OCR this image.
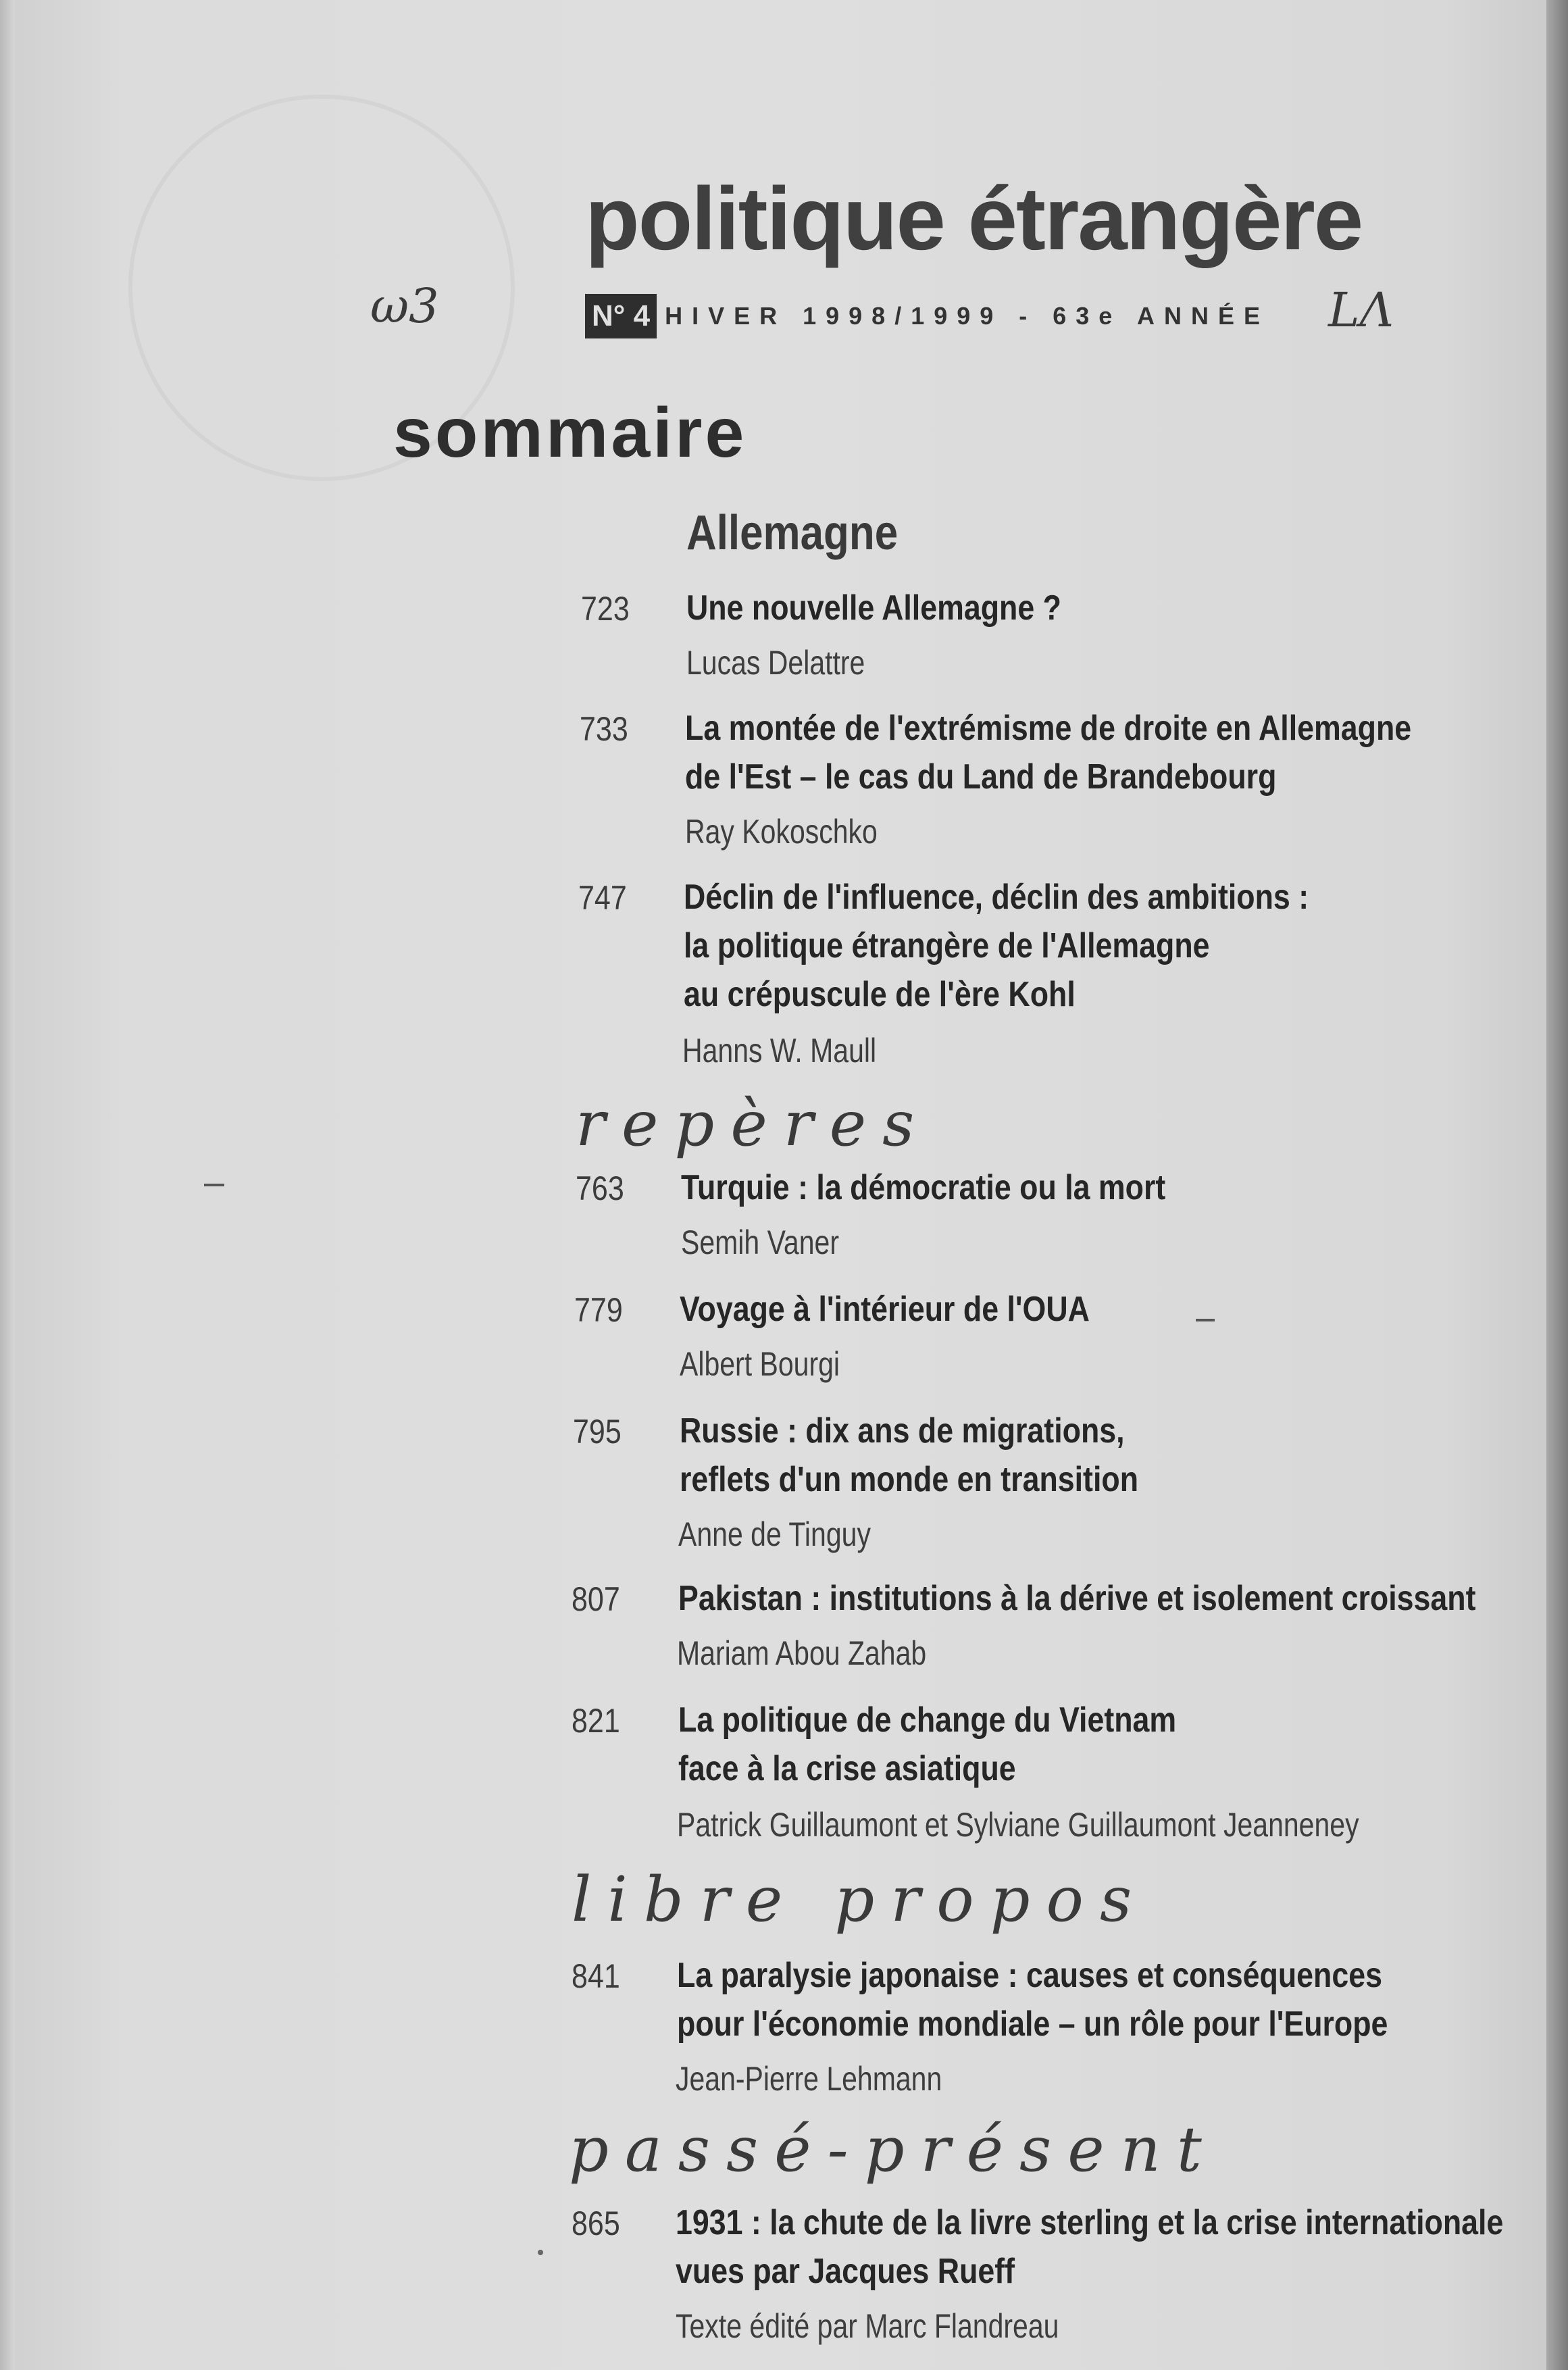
politique étrangère
N° 4 HIVER 1998/1999 - 63e ANNÉE
ω3	LΛ
sommaire
Allemagne
723 Une nouvelle Allemagne ?
Lucas Delattre
733 La montée de l'extrémisme de droite en Allemagne
de l'Est – le cas du Land de Brandebourg
Ray Kokoschko
747 Déclin de l'influence, déclin des ambitions :
la politique étrangère de l'Allemagne
au crépuscule de l'ère Kohl
Hanns W. Maull
repères
763 Turquie : la démocratie ou la mort
Semih Vaner
779 Voyage à l'intérieur de l'OUA
Albert Bourgi
795 Russie : dix ans de migrations,
reflets d'un monde en transition
Anne de Tinguy
807 Pakistan : institutions à la dérive et isolement croissant
Mariam Abou Zahab
821 La politique de change du Vietnam
face à la crise asiatique
Patrick Guillaumont et Sylviane Guillaumont Jeanneney
libre propos
841 La paralysie japonaise : causes et conséquences
pour l'économie mondiale – un rôle pour l'Europe
Jean-Pierre Lehmann
passé-présent
865 1931 : la chute de la livre sterling et la crise internationale
vues par Jacques Rueff
Texte édité par Marc Flandreau
